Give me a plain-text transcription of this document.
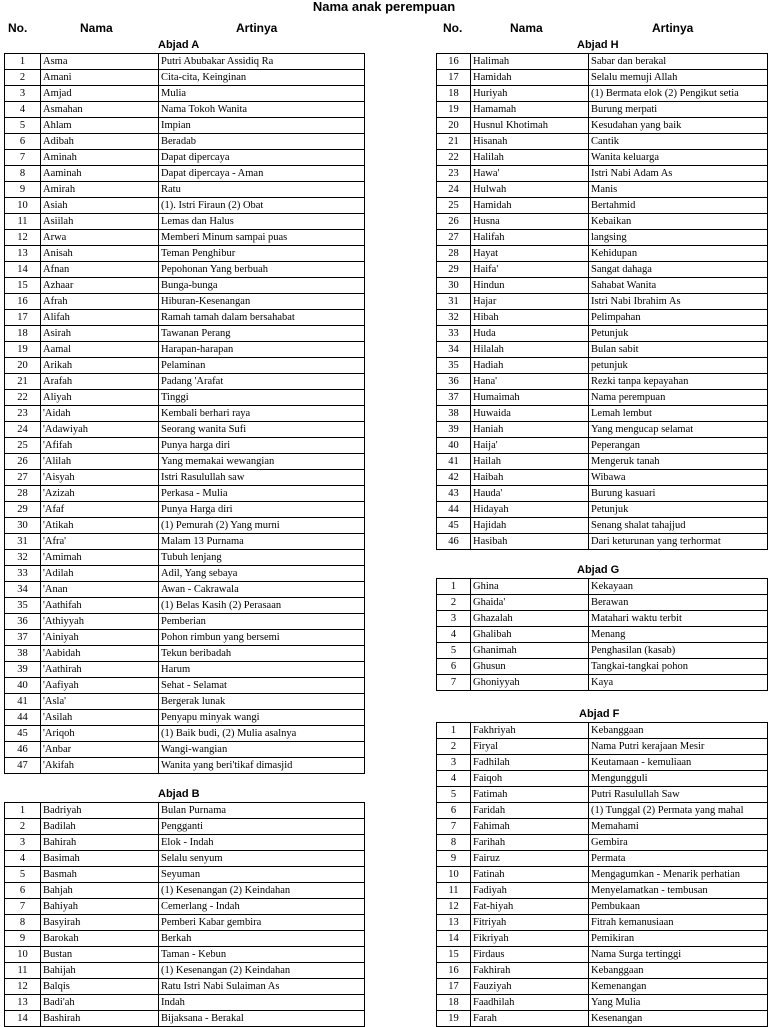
Nama anak perempuan
No.	Nama	Artinya	No.	Nama	Artinya
Abjad A
1	Asma	Putri Abubakar Assidiq Ra
2	Amani	Cita-cita, Keinginan
3	Amjad	Mulia
4	Asmahan	Nama Tokoh Wanita
5	Ahlam	Impian
6	Adibah	Beradab
7	Aminah	Dapat dipercaya
8	Aaminah	Dapat dipercaya - Aman
9	Amirah	Ratu
10	Asiah	(1). Istri Firaun (2) Obat
11	Asiilah	Lemas dan Halus
12	Arwa	Memberi Minum sampai puas
13	Anisah	Teman Penghibur
14	Afnan	Pepohonan Yang berbuah
15	Azhaar	Bunga-bunga
16	Afrah	Hiburan-Kesenangan
17	Alifah	Ramah tamah dalam bersahabat
18	Asirah	Tawanan Perang
19	Aamal	Harapan-harapan
20	Arikah	Pelaminan
21	Arafah	Padang 'Arafat
22	Aliyah	Tinggi
23	'Aidah	Kembali berhari raya
24	'Adawiyah	Seorang wanita Sufi
25	'Afifah	Punya harga diri
26	'Alilah	Yang memakai wewangian
27	'Aisyah	Istri Rasulullah saw
28	'Azizah	Perkasa - Mulia
29	'Afaf	Punya Harga diri
30	'Atikah	(1) Pemurah (2) Yang murni
31	'Afra'	Malam 13 Purnama
32	'Amimah	Tubuh lenjang
33	'Adilah	Adil, Yang sebaya
34	'Anan	Awan - Cakrawala
35	'Aathifah	(1) Belas Kasih (2) Perasaan
36	'Athiyyah	Pemberian
37	'Ainiyah	Pohon rimbun yang bersemi
38	'Aabidah	Tekun beribadah
39	'Aathirah	Harum
40	'Aafiyah	Sehat - Selamat
41	'Asla'	Bergerak lunak
44	'Asilah	Penyapu minyak wangi
45	'Ariqoh	(1) Baik budi, (2) Mulia asalnya
46	'Anbar	Wangi-wangian
47	'Akifah	Wanita yang beri'tikaf dimasjid
Abjad B
1	Badriyah	Bulan Purnama
2	Badilah	Pengganti
3	Bahirah	Elok - Indah
4	Basimah	Selalu senyum
5	Basmah	Seyuman
6	Bahjah	(1) Kesenangan (2) Keindahan
7	Bahiyah	Cemerlang - Indah
8	Basyirah	Pemberi Kabar gembira
9	Barokah	Berkah
10	Bustan	Taman - Kebun
11	Bahijah	(1) Kesenangan (2) Keindahan
12	Balqis	Ratu Istri Nabi Sulaiman As
13	Badi'ah	Indah
14	Bashirah	Bijaksana - Berakal
Abjad H
16	Halimah	Sabar dan berakal
17	Hamidah	Selalu memuji Allah
18	Huriyah	(1) Bermata elok (2) Pengikut setia
19	Hamamah	Burung merpati
20	Husnul Khotimah	Kesudahan yang baik
21	Hisanah	Cantik
22	Halilah	Wanita keluarga
23	Hawa'	Istri Nabi Adam As
24	Hulwah	Manis
25	Hamidah	Bertahmid
26	Husna	Kebaikan
27	Halifah	langsing
28	Hayat	Kehidupan
29	Haifa'	Sangat dahaga
30	Hindun	Sahabat Wanita
31	Hajar	Istri Nabi Ibrahim As
32	Hibah	Pelimpahan
33	Huda	Petunjuk
34	Hilalah	Bulan sabit
35	Hadiah	petunjuk
36	Hana'	Rezki tanpa kepayahan
37	Humaimah	Nama perempuan
38	Huwaida	Lemah lembut
39	Haniah	Yang mengucap selamat
40	Haija'	Peperangan
41	Hailah	Mengeruk tanah
42	Haibah	Wibawa
43	Hauda'	Burung kasuari
44	Hidayah	Petunjuk
45	Hajidah	Senang shalat tahajjud
46	Hasibah	Dari keturunan yang terhormat
Abjad G
1	Ghina	Kekayaan
2	Ghaida'	Berawan
3	Ghazalah	Matahari waktu terbit
4	Ghalibah	Menang
5	Ghanimah	Penghasilan (kasab)
6	Ghusun	Tangkai-tangkai pohon
7	Ghoniyyah	Kaya
Abjad F
1	Fakhriyah	Kebanggaan
2	Firyal	Nama Putri kerajaan Mesir
3	Fadhilah	Keutamaan - kemuliaan
4	Faiqoh	Mengungguli
5	Fatimah	Putri Rasulullah Saw
6	Faridah	(1) Tunggal (2) Permata yang mahal
7	Fahimah	Memahami
8	Farihah	Gembira
9	Fairuz	Permata
10	Fatinah	Mengagumkan - Menarik perhatian
11	Fadiyah	Menyelamatkan - tembusan
12	Fat-hiyah	Pembukaan
13	Fitriyah	Fitrah kemanusiaan
14	Fikriyah	Pemikiran
15	Firdaus	Nama Surga tertinggi
16	Fakhirah	Kebanggaan
17	Fauziyah	Kemenangan
18	Faadhilah	Yang Mulia
19	Farah	Kesenangan
